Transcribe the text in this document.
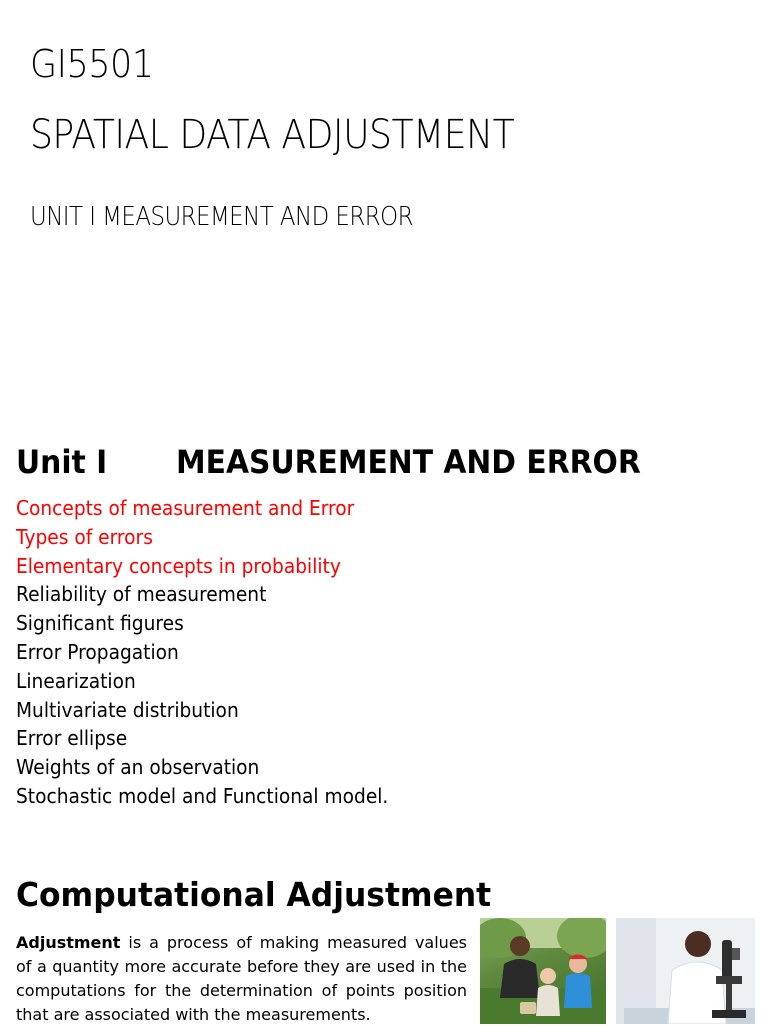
GI5501
SPATIAL DATA ADJUSTMENT
UNIT I MEASUREMENT AND ERROR
Unit I MEASUREMENT AND ERROR
Concepts of measurement and Error
Types of errors
Elementary concepts in probability
Reliability of measurement
Significant figures
Error Propagation
Linearization
Multivariate distribution
Error ellipse
Weights of an observation
Stochastic model and Functional model.
Computational Adjustment

Adjustment is a process of making measured values of a quantity more accurate before they are used in the computations for the determination of points position that are associated with the measurements.
